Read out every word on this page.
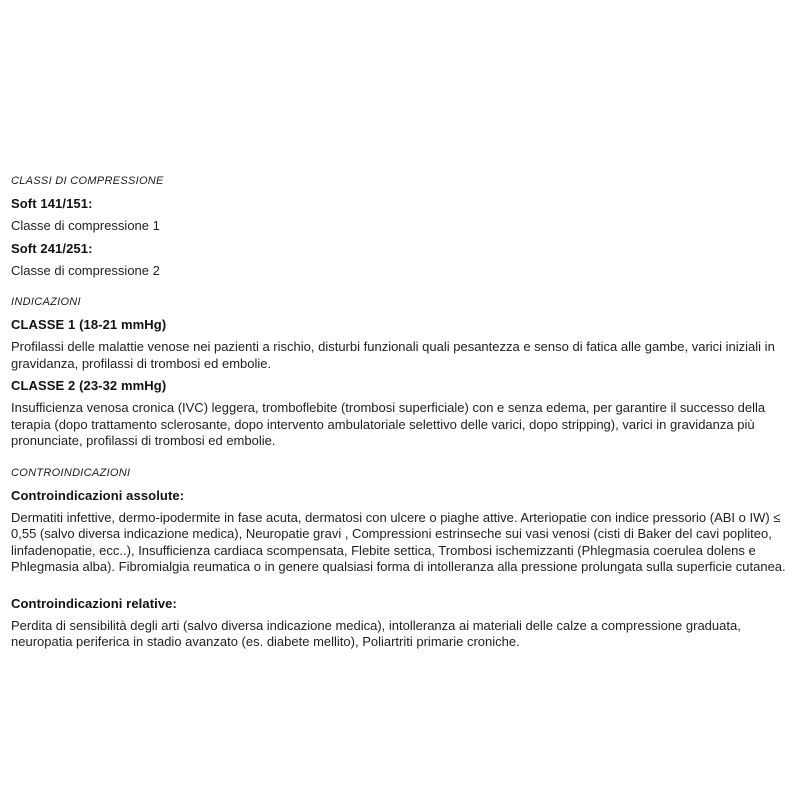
CLASSI DI COMPRESSIONE
Soft 141/151:

Classe di compressione 1

Soft 241/251:

Classe di compressione 2

INDICAZIONI
CLASSE 1 (18-21 mmHg)

Profilassi delle malattie venose nei pazienti a rischio, disturbi funzionali quali pesantezza e senso di fatica alle gambe, varici iniziali in gravidanza, profilassi di trombosi ed embolie.

CLASSE 2 (23-32 mmHg)

Insufficienza venosa cronica (IVC) leggera, tromboflebite (trombosi superficiale) con e senza edema, per garantire il successo della terapia (dopo trattamento sclerosante, dopo intervento ambulatoriale selettivo delle varici, dopo stripping), varici in gravidanza più pronunciate, profilassi di trombosi ed embolie.

CONTROINDICAZIONI
Controindicazioni assolute:

Dermatiti infettive, dermo-ipodermite in fase acuta, dermatosi con ulcere o piaghe attive. Arteriopatie con indice pressorio (ABI o IW) ≤ 0,55 (salvo diversa indicazione medica), Neuropatie gravi , Compressioni estrinseche sui vasi venosi (cisti di Baker del cavi popliteo, linfadenopatie, ecc..), Insufficienza cardiaca scompensata, Flebite settica, Trombosi ischemizzanti (Phlegmasia coerulea dolens e Phlegmasia alba). Fibromialgia reumatica o in genere qualsiasi forma di intolleranza alla pressione prolungata sulla superficie cutanea.

Controindicazioni relative:

Perdita di sensibilità degli arti (salvo diversa indicazione medica), intolleranza ai materiali delle calze a compressione graduata, neuropatia periferica in stadio avanzato (es. diabete mellito), Poliartriti primarie croniche.
